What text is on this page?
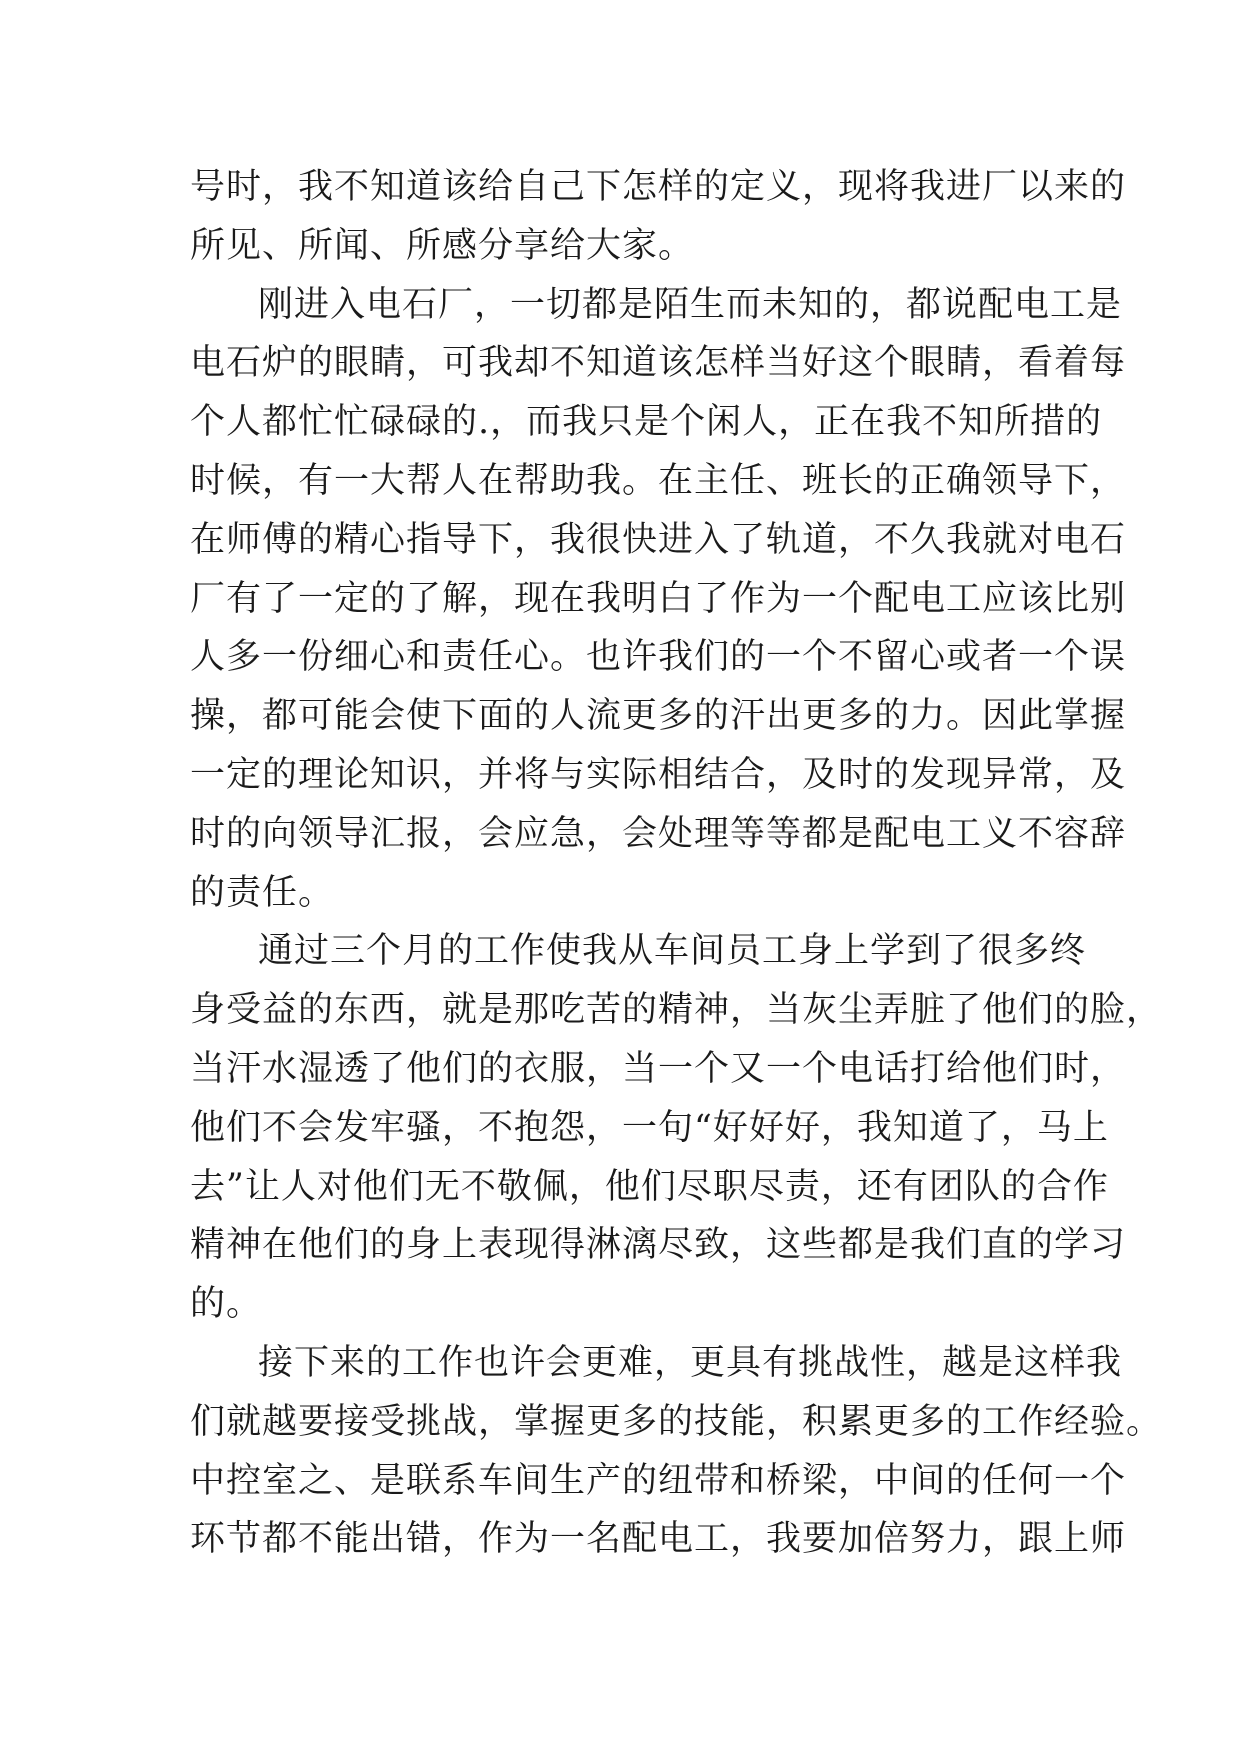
号时，我不知道该给自己下怎样的定义，现将我进厂以来的
所见、所闻、所感分享给大家。
刚进入电石厂，一切都是陌生而未知的，都说配电工是
电石炉的眼睛，可我却不知道该怎样当好这个眼睛，看着每
个人都忙忙碌碌的.，而我只是个闲人，正在我不知所措的
时候，有一大帮人在帮助我。在主任、班长的正确领导下，
在师傅的精心指导下，我很快进入了轨道，不久我就对电石
厂有了一定的了解，现在我明白了作为一个配电工应该比别
人多一份细心和责任心。也许我们的一个不留心或者一个误
操，都可能会使下面的人流更多的汗出更多的力。因此掌握
一定的理论知识，并将与实际相结合，及时的发现异常，及
时的向领导汇报，会应急，会处理等等都是配电工义不容辞
的责任。
通过三个月的工作使我从车间员工身上学到了很多终
身受益的东西，就是那吃苦的精神，当灰尘弄脏了他们的脸，
当汗水湿透了他们的衣服，当一个又一个电话打给他们时，
他们不会发牢骚，不抱怨，一句“好好好，我知道了，马上
去”让人对他们无不敬佩，他们尽职尽责，还有团队的合作
精神在他们的身上表现得淋漓尽致，这些都是我们直的学习
的。
接下来的工作也许会更难，更具有挑战性，越是这样我
们就越要接受挑战，掌握更多的技能，积累更多的工作经验。
中控室之、是联系车间生产的纽带和桥梁，中间的任何一个
环节都不能出错，作为一名配电工，我要加倍努力，跟上师
